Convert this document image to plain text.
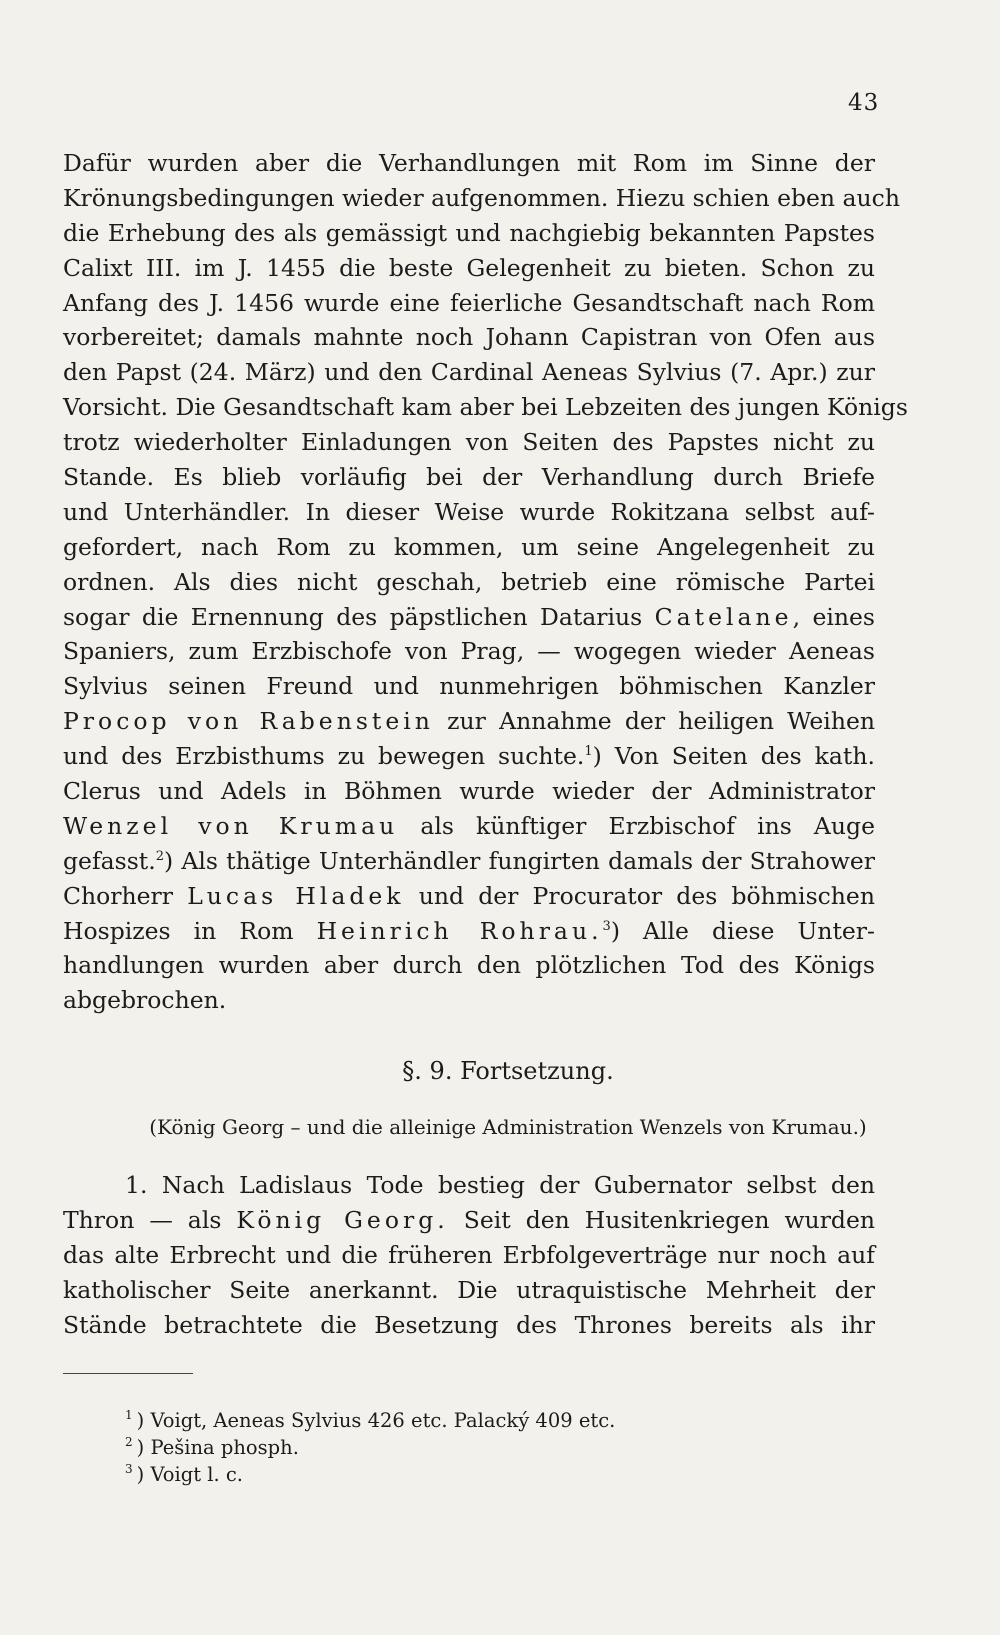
43
Dafür wurden aber die Verhandlungen mit Rom im Sinne der
Krönungsbedingungen wieder aufgenommen. Hiezu schien eben auch
die Erhebung des als gemässigt und nachgiebig bekannten Papstes
Calixt III. im J. 1455 die beste Gelegenheit zu bieten. Schon zu
Anfang des J. 1456 wurde eine feierliche Gesandtschaft nach Rom
vorbereitet; damals mahnte noch Johann Capistran von Ofen aus
den Papst (24. März) und den Cardinal Aeneas Sylvius (7. Apr.) zur
Vorsicht. Die Gesandtschaft kam aber bei Lebzeiten des jungen Königs
trotz wiederholter Einladungen von Seiten des Papstes nicht zu
Stande. Es blieb vorläufig bei der Verhandlung durch Briefe
und Unterhändler. In dieser Weise wurde Rokitzana selbst auf-
gefordert, nach Rom zu kommen, um seine Angelegenheit zu
ordnen. Als dies nicht geschah, betrieb eine römische Partei
sogar die Ernennung des päpstlichen Datarius Catelane, eines
Spaniers, zum Erzbischofe von Prag, — wogegen wieder Aeneas
Sylvius seinen Freund und nunmehrigen böhmischen Kanzler
Procop von Rabenstein zur Annahme der heiligen Weihen
und des Erzbisthums zu bewegen suchte.$^1$) Von Seiten des kath.
Clerus und Adels in Böhmen wurde wieder der Administrator
Wenzel von Krumau als künftiger Erzbischof ins Auge
gefasst.$^2$) Als thätige Unterhändler fungirten damals der Strahower
Chorherr Lucas Hladek und der Procurator des böhmischen
Hospizes in Rom Heinrich Rohrau.$^3$) Alle diese Unter-
handlungen wurden aber durch den plötzlichen Tod des Königs
abgebrochen.
§. 9. Fortsetzung.
(König Georg – und die alleinige Administration Wenzels von Krumau.)
1. Nach Ladislaus Tode bestieg der Gubernator selbst den
Thron — als König Georg. Seit den Husitenkriegen wurden
das alte Erbrecht und die früheren Erbfolgeverträge nur noch auf
katholischer Seite anerkannt. Die utraquistische Mehrheit der
Stände betrachtete die Besetzung des Thrones bereits als ihr
$^1$ ) Voigt, Aeneas Sylvius 426 etc. Palacký 409 etc.
$^2$ ) Pešina phosph.
$^3$ ) Voigt l. c.
